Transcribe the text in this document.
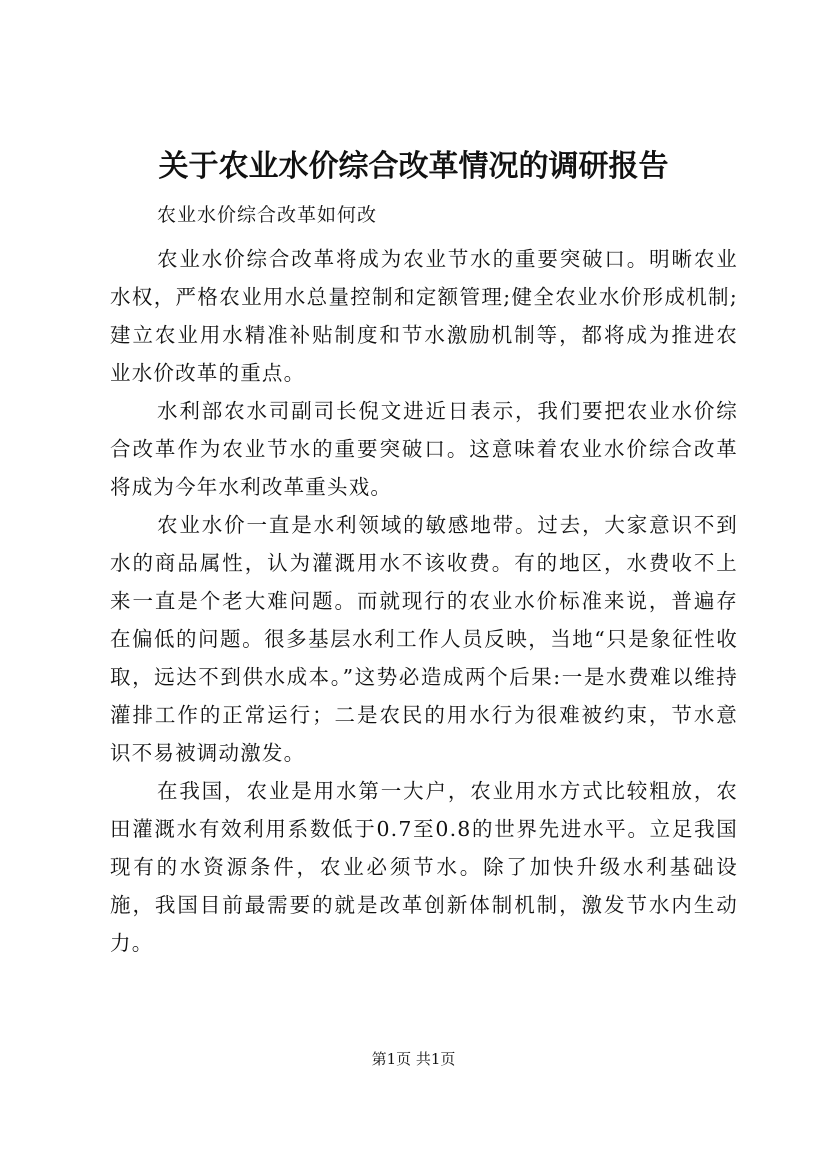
关于农业水价综合改革情况的调研报告

农业水价综合改革如何改

农业水价综合改革将成为农业节水的重要突破口。明晰农业水权，严格农业用水总量控制和定额管理;健全农业水价形成机制;建立农业用水精准补贴制度和节水激励机制等，都将成为推进农业水价改革的重点。

水利部农水司副司长倪文进近日表示，我们要把农业水价综合改革作为农业节水的重要突破口。这意味着农业水价综合改革将成为今年水利改革重头戏。

农业水价一直是水利领域的敏感地带。过去，大家意识不到水的商品属性，认为灌溉用水不该收费。有的地区，水费收不上来一直是个老大难问题。而就现行的农业水价标准来说，普遍存在偏低的问题。很多基层水利工作人员反映，当地“只是象征性收取，远达不到供水成本。”这势必造成两个后果:一是水费难以维持灌排工作的正常运行；二是农民的用水行为很难被约束，节水意识不易被调动激发。

在我国，农业是用水第一大户，农业用水方式比较粗放，农田灌溉水有效利用系数低于0.7至0.8的世界先进水平。立足我国现有的水资源条件，农业必须节水。除了加快升级水利基础设施，我国目前最需要的就是改革创新体制机制，激发节水内生动力。

第1页 共1页
